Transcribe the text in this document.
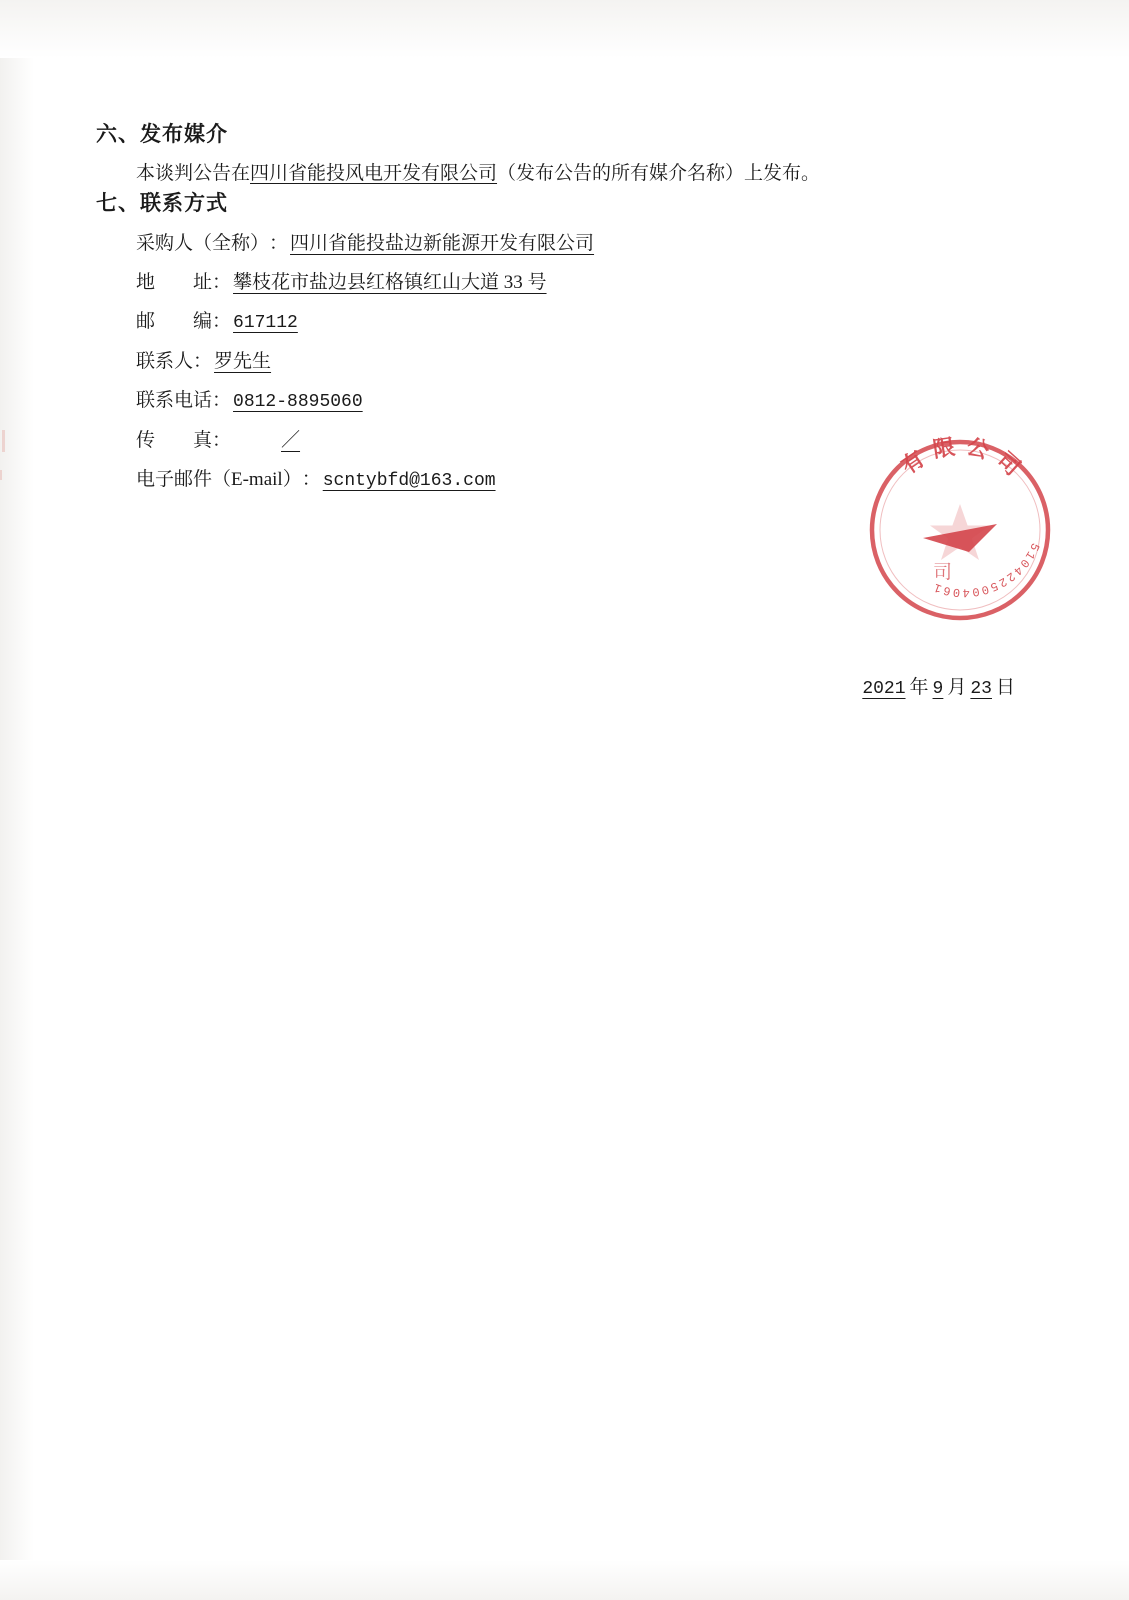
六、发布媒介

本谈判公告在四川省能投风电开发有限公司（发布公告的所有媒介名称）上发布。

七、联系方式
采购人（全称）： 四川省能投盐边新能源开发有限公司
地　　址： 攀枝花市盐边县红格镇红山大道 33 号
邮　　编： 617112
联系人： 罗先生
联系电话： 0812-8895060
传　　真：	／
电子邮件（E-mail）： scntybfd@163.com
有限公司
5104225004061
司
2021 年 9 月 23 日
